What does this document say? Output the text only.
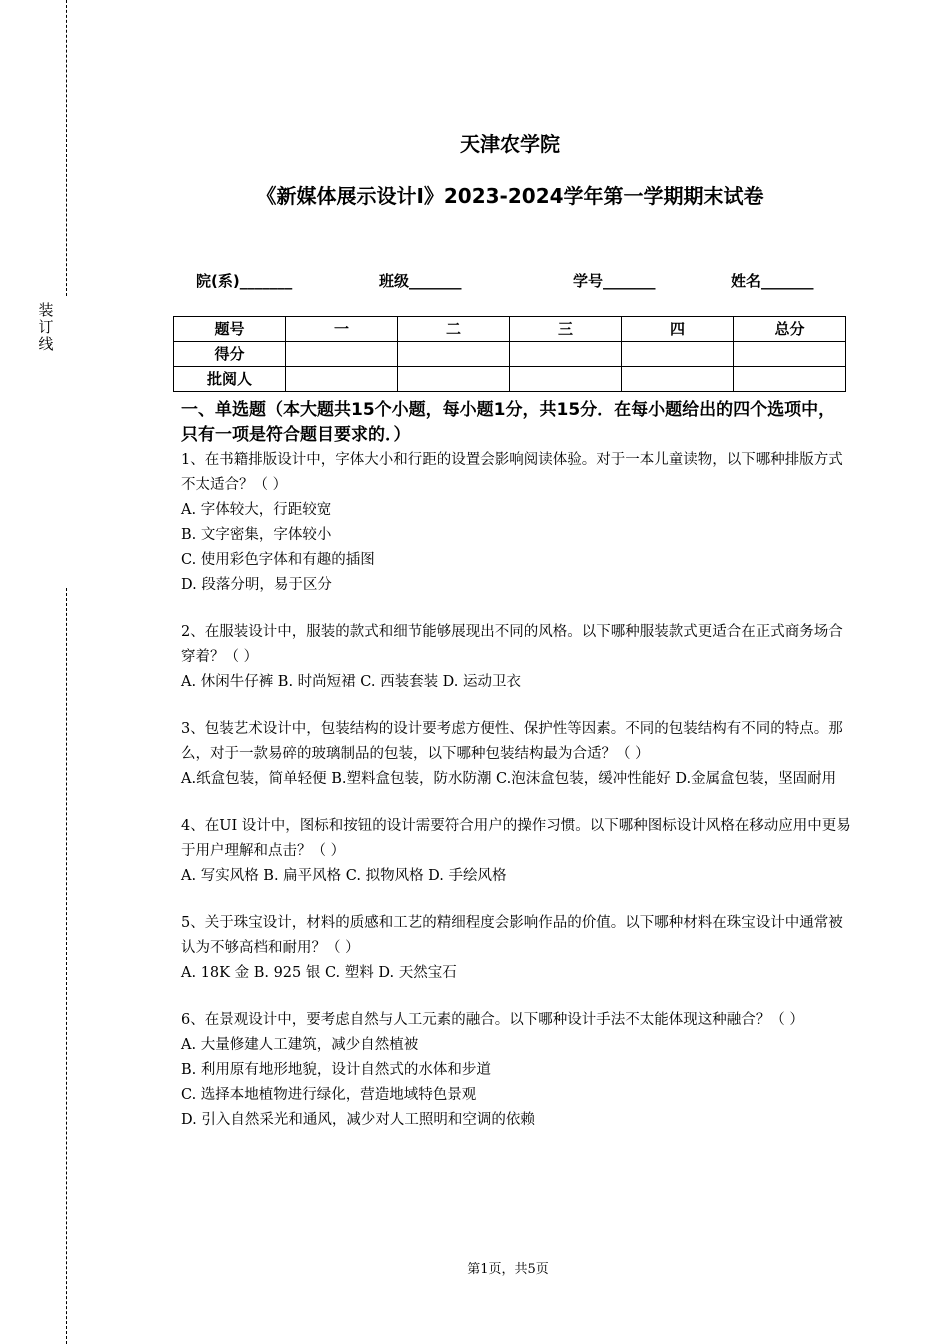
装
订
线
天津农学院
《新媒体展示设计Ⅰ》2023-2024学年第一学期期末试卷
院(系)_______	班级_______	学号_______	姓名_______
题号	一	二	三	四	总分
得分					
批阅人					

一、单选题（本大题共15个小题，每小题1分，共15分．在每小题给出的四个选项中，只有一项是符合题目要求的．）

1、在书籍排版设计中，字体大小和行距的设置会影响阅读体验。对于一本儿童读物，以下哪种排版方式不太适合？（ ）

A. 字体较大，行距较宽

B. 文字密集，字体较小

C. 使用彩色字体和有趣的插图

D. 段落分明，易于区分

2、在服装设计中，服装的款式和细节能够展现出不同的风格。以下哪种服装款式更适合在正式商务场合穿着？（ ）

A. 休闲牛仔裤 B. 时尚短裙 C. 西装套装 D. 运动卫衣

3、包装艺术设计中，包装结构的设计要考虑方便性、保护性等因素。不同的包装结构有不同的特点。那么，对于一款易碎的玻璃制品的包装，以下哪种包装结构最为合适？（ ）

A.纸盒包装，简单轻便 B.塑料盒包装，防水防潮 C.泡沫盒包装，缓冲性能好 D.金属盒包装，坚固耐用

4、在UI 设计中，图标和按钮的设计需要符合用户的操作习惯。以下哪种图标设计风格在移动应用中更易于用户理解和点击？（ ）

A. 写实风格 B. 扁平风格 C. 拟物风格 D. 手绘风格

5、关于珠宝设计，材料的质感和工艺的精细程度会影响作品的价值。以下哪种材料在珠宝设计中通常被认为不够高档和耐用？（ ）

A. 18K 金 B. 925 银 C. 塑料 D. 天然宝石

6、在景观设计中，要考虑自然与人工元素的融合。以下哪种设计手法不太能体现这种融合？（ ）

A. 大量修建人工建筑，减少自然植被

B. 利用原有地形地貌，设计自然式的水体和步道

C. 选择本地植物进行绿化，营造地域特色景观

D. 引入自然采光和通风，减少对人工照明和空调的依赖

第1页，共5页
